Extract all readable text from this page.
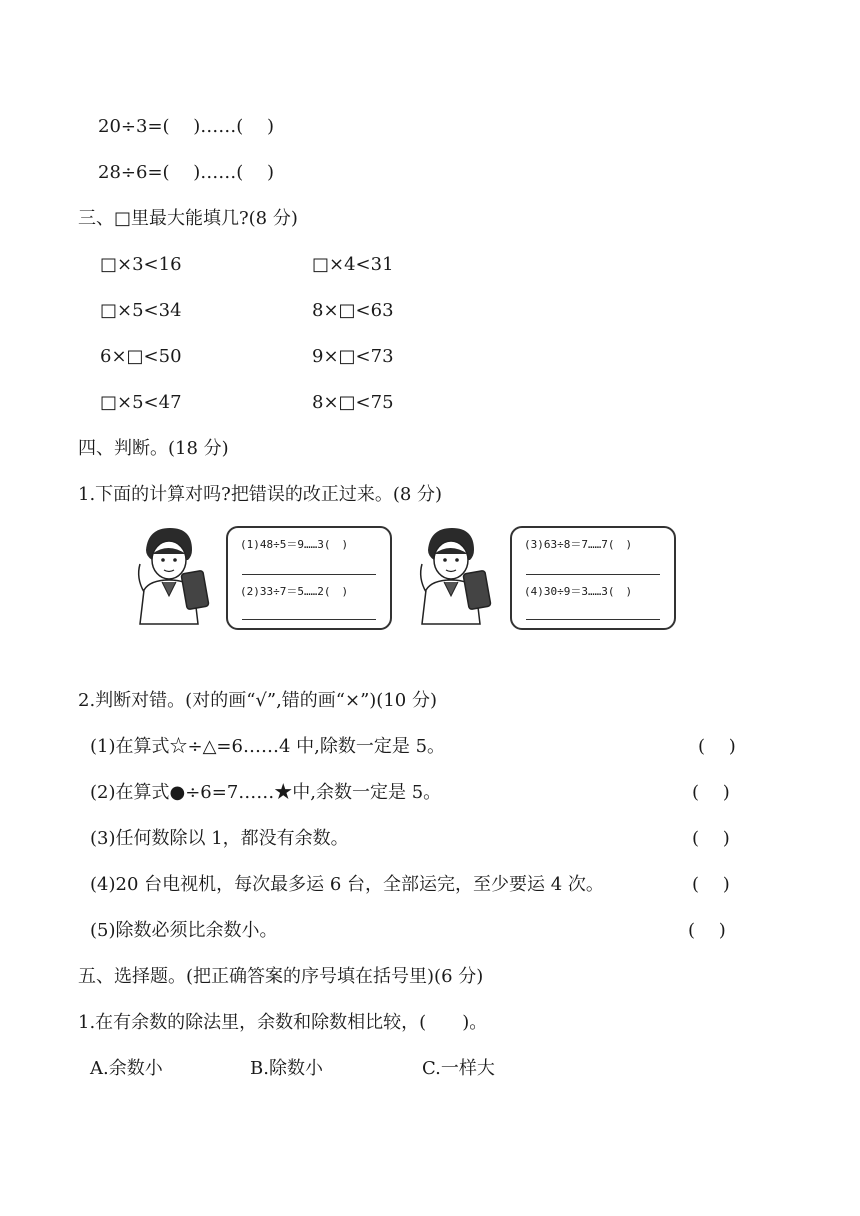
20÷3=(　 )……(　 )
28÷6=(　 )……(　 )
三、□里最大能填几?(8 分)
□×3<16	□×4<31
□×5<34	8×□<63
6×□<50	9×□<73
□×5<47	8×□<75
四、判断。(18 分)
1.下面的计算对吗?把错误的改正过来。(8 分)
(1)48÷5＝9……3(　)
(2)33÷7＝5……2(　)
(3)63÷8＝7……7(　)
(4)30÷9＝3……3(　)
2.判断对错。(对的画“√”,错的画“×”)(10 分)
(1)在算式☆÷△=6……4 中,除数一定是 5。	(　 )
(2)在算式●÷6=7……★中,余数一定是 5。	(　 )
(3)任何数除以 1，都没有余数。	(　 )
(4)20 台电视机，每次最多运 6 台，全部运完，至少要运 4 次。	(　 )
(5)除数必须比余数小。	(　 )
五、选择题。(把正确答案的序号填在括号里)(6 分)
1.在有余数的除法里，余数和除数相比较，(　　)。
A.余数小	B.除数小	C.一样大
